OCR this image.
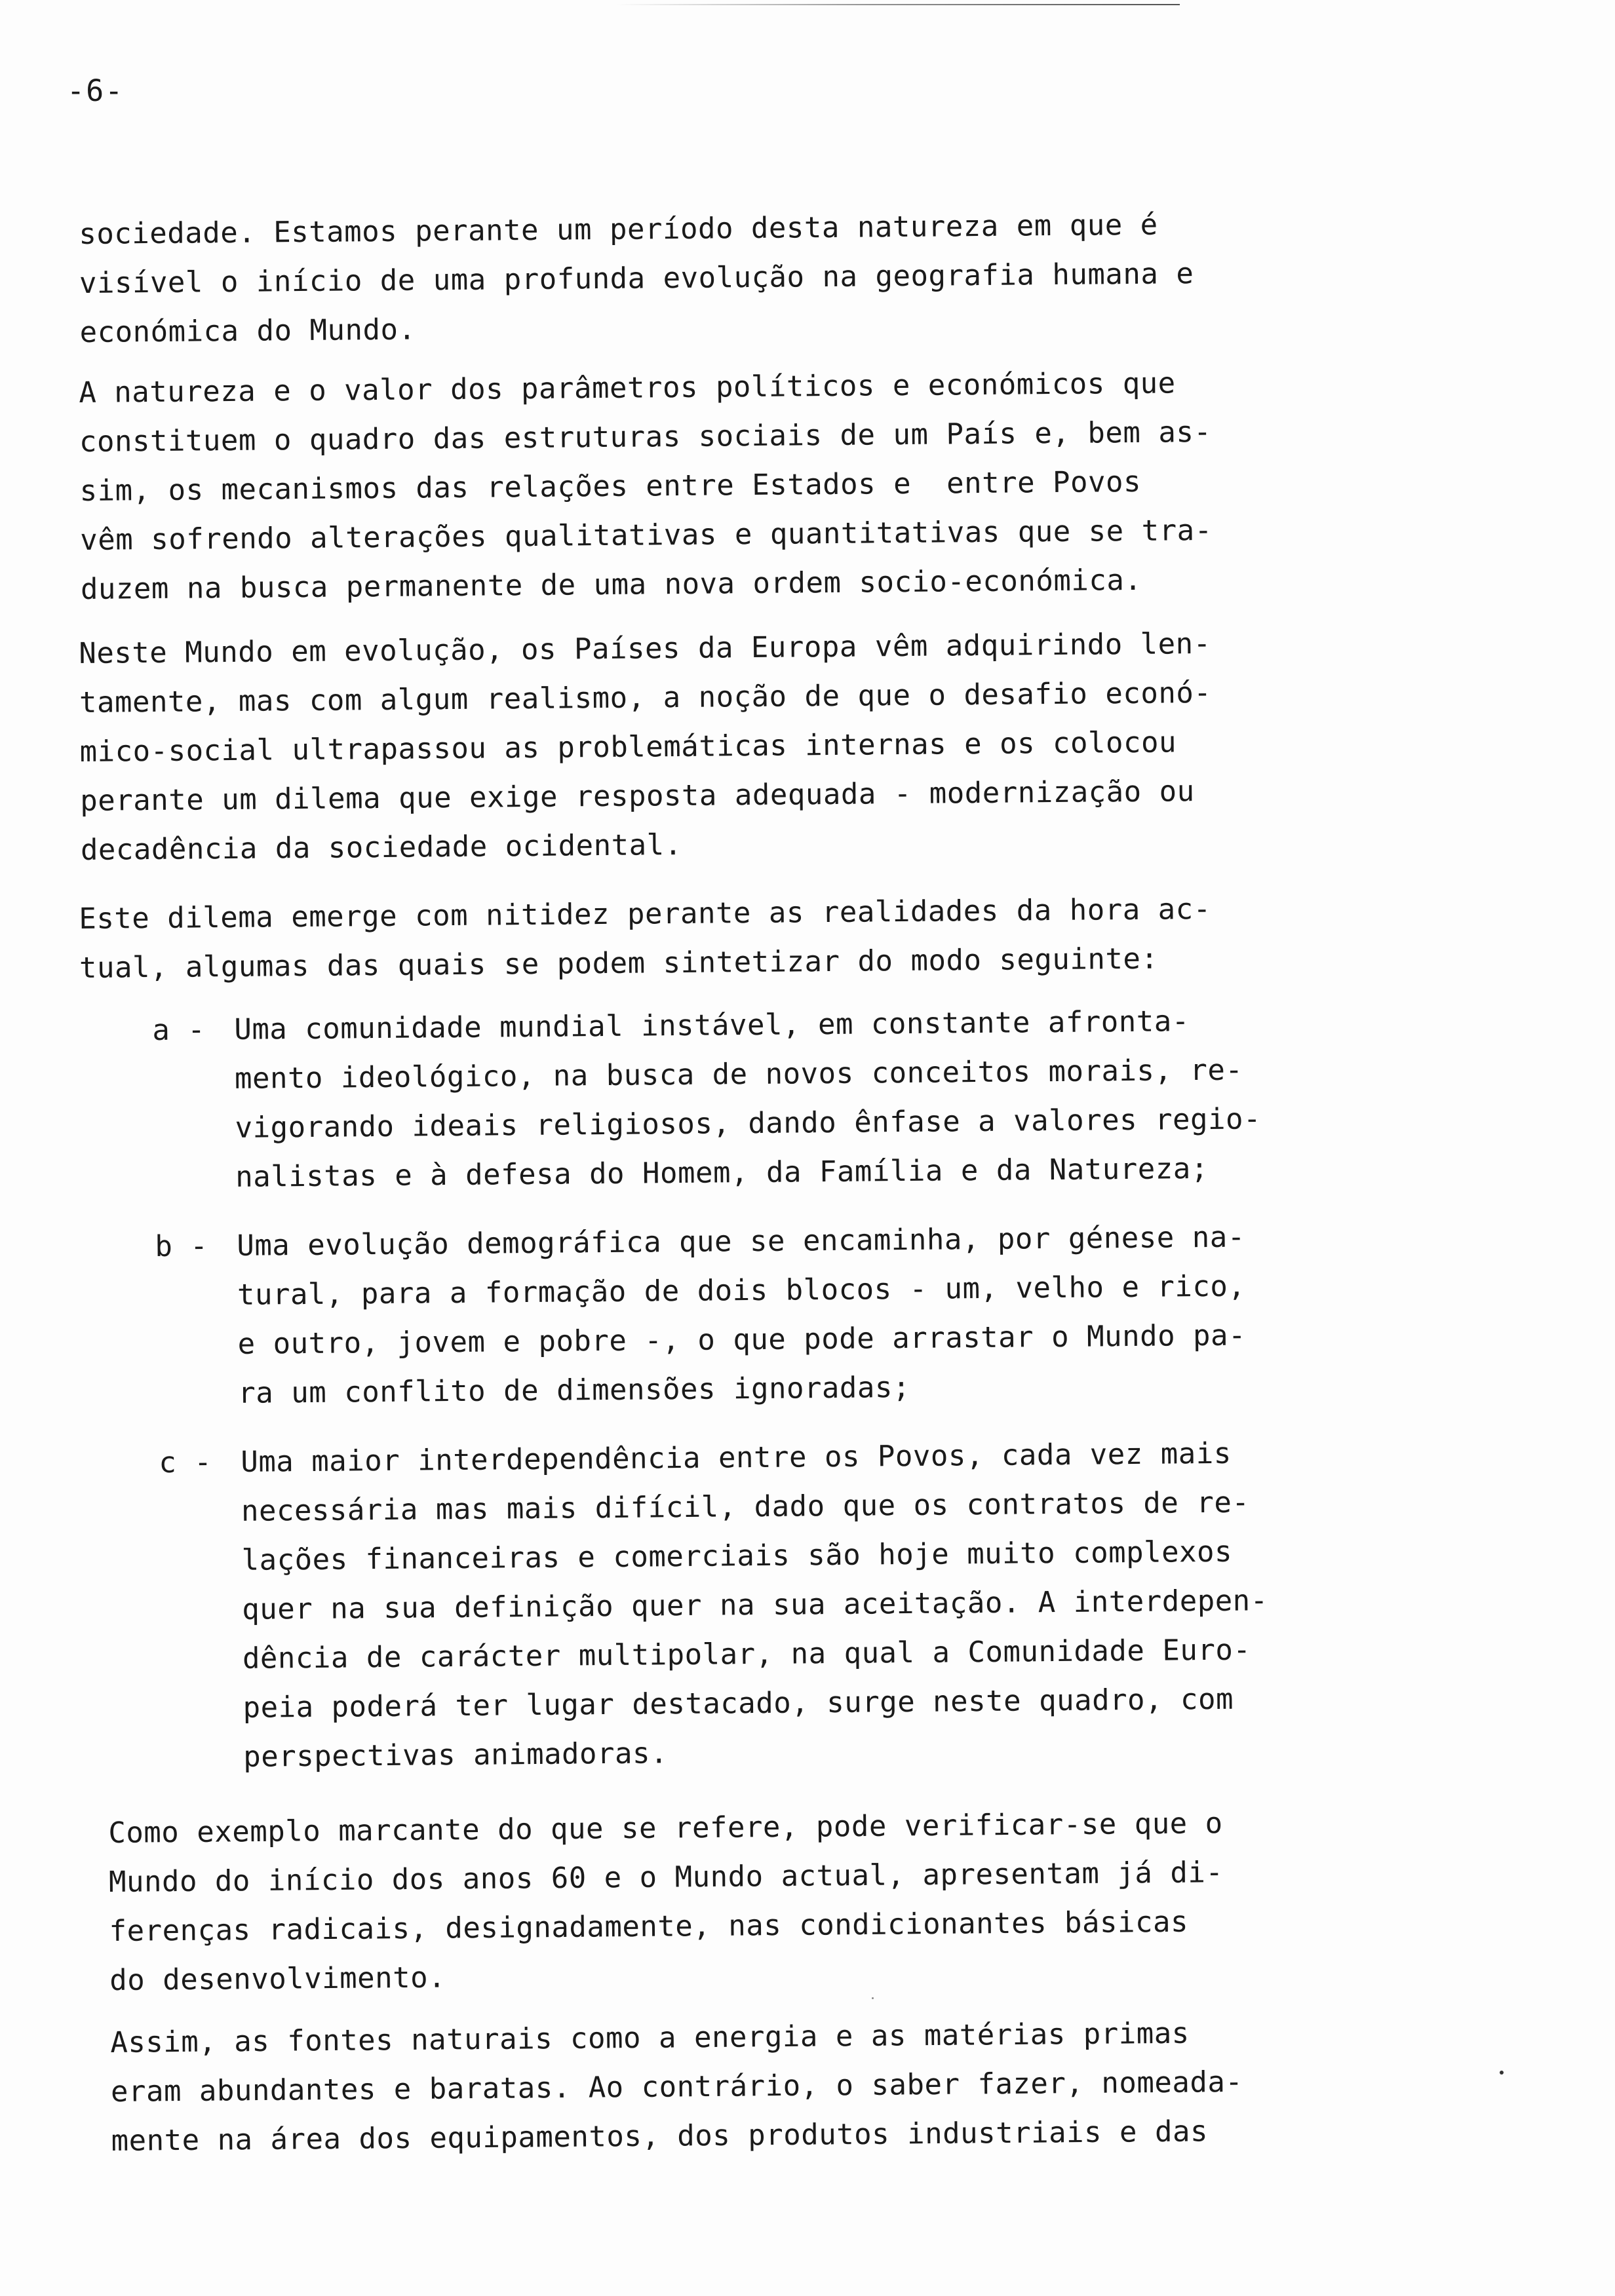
-6-
sociedade. Estamos perante um período desta natureza em que é
visível o início de uma profunda evolução na geografia humana e
económica do Mundo.
A natureza e o valor dos parâmetros políticos e económicos que
constituem o quadro das estruturas sociais de um País e, bem as-
sim, os mecanismos das relações entre Estados e  entre Povos
vêm sofrendo alterações qualitativas e quantitativas que se tra-
duzem na busca permanente de uma nova ordem socio-económica.
Neste Mundo em evolução, os Países da Europa vêm adquirindo len-
tamente, mas com algum realismo, a noção de que o desafio econó-
mico-social ultrapassou as problemáticas internas e os colocou
perante um dilema que exige resposta adequada - modernização ou
decadência da sociedade ocidental.
Este dilema emerge com nitidez perante as realidades da hora ac-
tual, algumas das quais se podem sintetizar do modo seguinte:
a - Uma comunidade mundial instável, em constante afronta-
mento ideológico, na busca de novos conceitos morais, re-
vigorando ideais religiosos, dando ênfase a valores regio-
nalistas e à defesa do Homem, da Família e da Natureza;
b - Uma evolução demográfica que se encaminha, por génese na-
tural, para a formação de dois blocos - um, velho e rico,
e outro, jovem e pobre -, o que pode arrastar o Mundo pa-
ra um conflito de dimensões ignoradas;
c - Uma maior interdependência entre os Povos, cada vez mais
necessária mas mais difícil, dado que os contratos de re-
lações financeiras e comerciais são hoje muito complexos
quer na sua definição quer na sua aceitação. A interdepen-
dência de carácter multipolar, na qual a Comunidade Euro-
peia poderá ter lugar destacado, surge neste quadro, com
perspectivas animadoras.
Como exemplo marcante do que se refere, pode verificar-se que o
Mundo do início dos anos 60 e o Mundo actual, apresentam já di-
ferenças radicais, designadamente, nas condicionantes básicas
do desenvolvimento.
Assim, as fontes naturais como a energia e as matérias primas
eram abundantes e baratas. Ao contrário, o saber fazer, nomeada-
mente na área dos equipamentos, dos produtos industriais e das
